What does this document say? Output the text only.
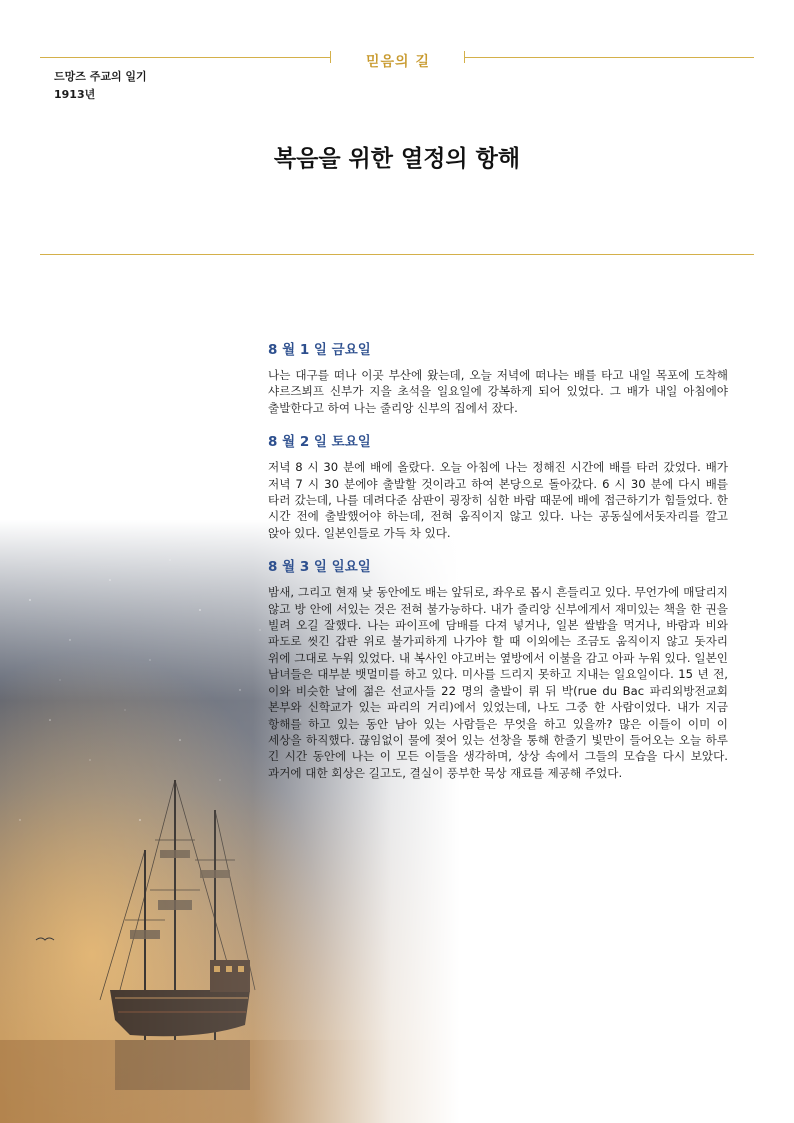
믿음의 길
드망즈 주교의 일기
1913년
복음을 위한 열정의 항해
8 월 1 일 금요일

나는 대구를 떠나 이곳 부산에 왔는데, 오늘 저녁에 떠나는 배를 타고 내일 목포에 도착해 샤르즈뵈프 신부가 지을 초석을 일요일에 강복하게 되어 있었다. 그 배가 내일 아침에야 출발한다고 하여 나는 줄리앙 신부의 집에서 잤다.

8 월 2 일 토요일

저녁 8 시 30 분에 배에 올랐다. 오늘 아침에 나는 정해진 시간에 배를 타러 갔었다. 배가 저녁 7 시 30 분에야 출발할 것이라고 하여 본당으로 돌아갔다. 6 시 30 분에 다시 배를 타러 갔는데, 나를 데려다준 삼판이 굉장히 심한 바람 때문에 배에 접근하기가 힘들었다. 한 시간 전에 출발했어야 하는데, 전혀 움직이지 않고 있다. 나는 공동실에서돗자리를 깔고 앉아 있다. 일본인들로 가득 차 있다.

8 월 3 일 일요일

밤새, 그리고 현재 낮 동안에도 배는 앞뒤로, 좌우로 몹시 흔들리고 있다. 무언가에 매달리지 않고 방 안에 서있는 것은 전혀 불가능하다. 내가 줄리앙 신부에게서 재미있는 책을 한 권을 빌려 오길 잘했다. 나는 파이프에 담배를 다져 넣거나, 일본 쌀밥을 먹거나, 바람과 비와 파도로 씻긴 갑판 위로 불가피하게 나가야 할 때 이외에는 조금도 움직이지 않고 돗자리 위에 그대로 누워 있었다. 내 복사인 야고버는 옆방에서 이불을 감고 아파 누워 있다. 일본인 남녀들은 대부분 뱃멀미를 하고 있다. 미사를 드리지 못하고 지내는 일요일이다. 15 년 전, 이와 비슷한 날에 젊은 선교사들 22 명의 출발이 뤼 뒤 박(rue du Bac 파리외방전교회 본부와 신학교가 있는 파리의 거리)에서 있었는데, 나도 그중 한 사람이었다. 내가 지금 항해를 하고 있는 동안 남아 있는 사람들은 무엇을 하고 있을까? 많은 이들이 이미 이 세상을 하직했다. 끊임없이 물에 젖어 있는 선창을 통해 한줄기 빛만이 들어오는 오늘 하루 긴 시간 동안에 나는 이 모든 이들을 생각하며, 상상 속에서 그들의 모습을 다시 보았다. 과거에 대한 회상은 길고도, 결실이 풍부한 묵상 재료를 제공해 주었다.
